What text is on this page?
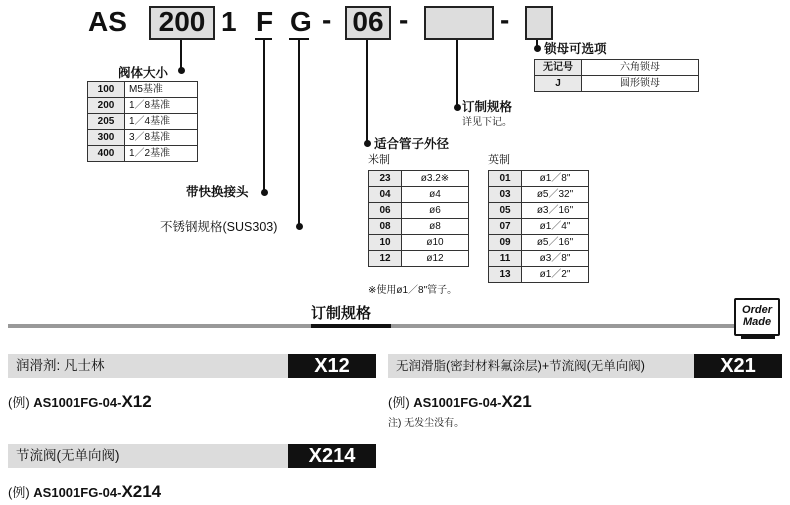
AS	200 1 F G - 06 -	-
阀体大小
100	M5基准
200	1／8基准
205	1／4基准
300	3／8基准
400	1／2基准
带快换接头
不锈钢规格(SUS303)
适合管子外径
米制
23	ø3.2※
04	ø4
06	ø6
08	ø8
10	ø10
12	ø12
※使用ø1／8"管子。
英制
01	ø1／8"
03	ø5／32"
05	ø3／16"
07	ø1／4"
09	ø5／16"
11	ø3／8"
13	ø1／2"
订制规格
详见下记。
锁母可选项
无记号	六角锁母
J	圆形锁母
订制规格	Order
Made
润滑剂: 凡士林	X12
(例) AS1001FG-04-X12
无润滑脂(密封材料氟涂层)+节流阀(无单向阀)	X21
(例) AS1001FG-04-X21
注) 无发尘没有。
节流阀(无单向阀)	X214
(例) AS1001FG-04-X214
